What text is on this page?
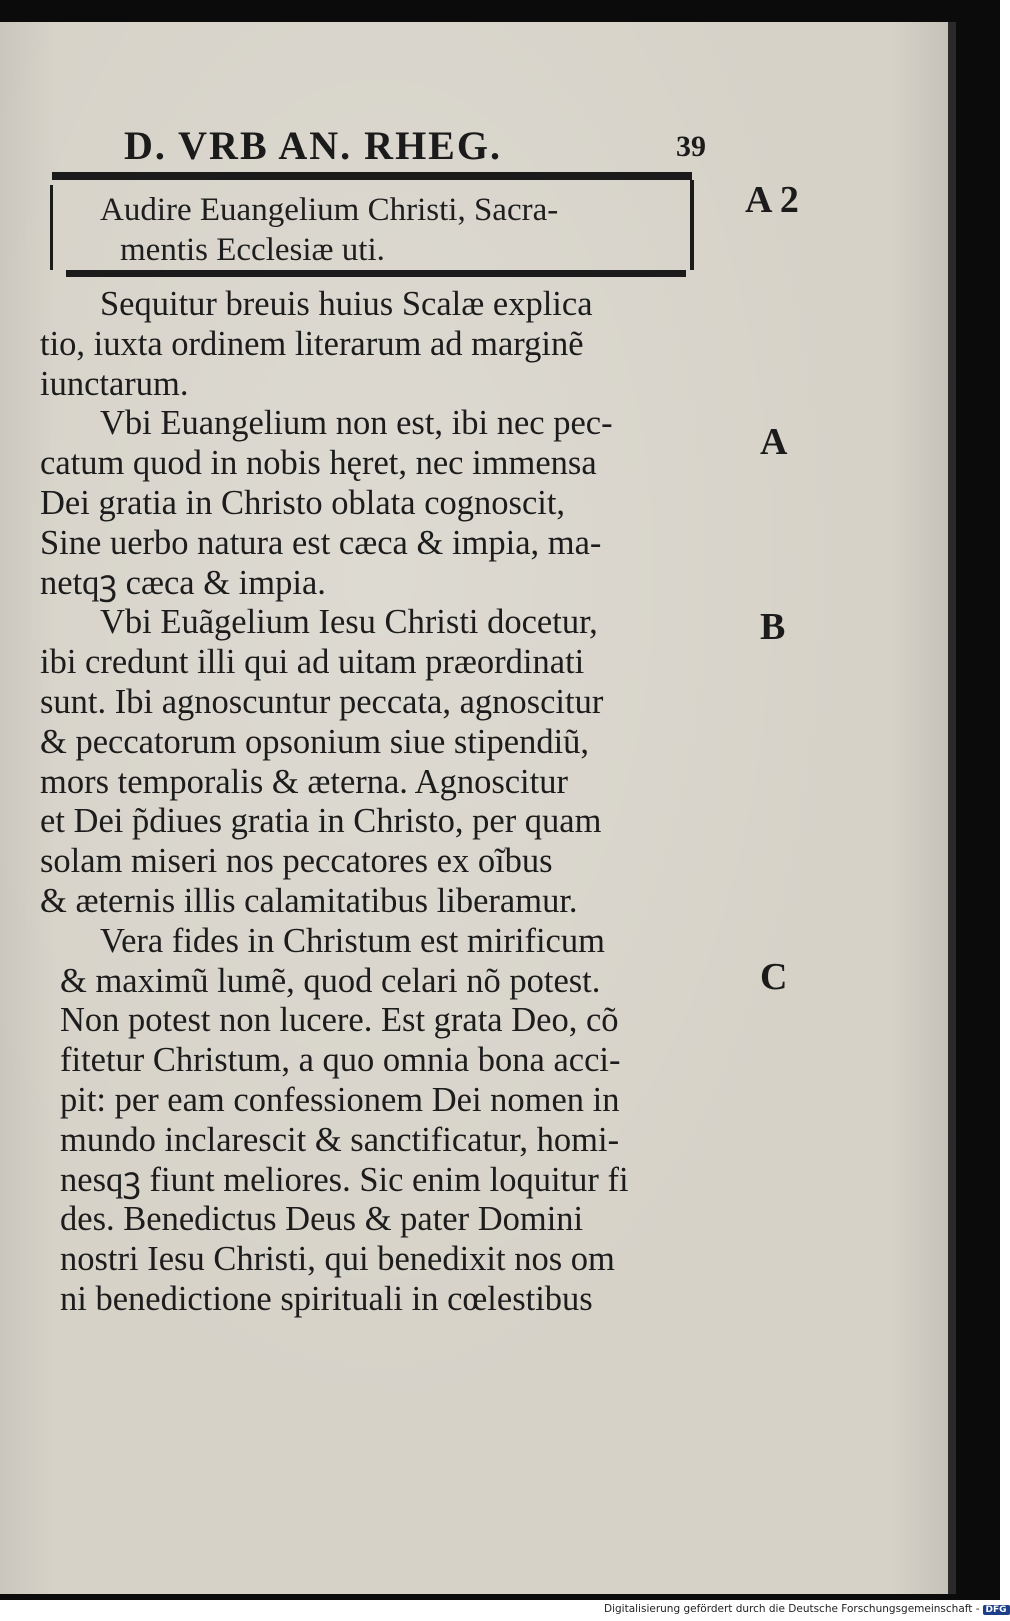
D. VRB AN. RHEG.	39
Audire Euangelium Christi, Sacra-
mentis Ecclesiæ uti.
Sequitur breuis huius Scalæ explica
tio, iuxta ordinem literarum ad marginẽ
iunctarum.
Vbi Euangelium non est, ibi nec pec-
catum quod in nobis hęret, nec immensa
Dei gratia in Christo oblata cognoscit,
Sine uerbo natura est cæca & impia, ma-
netqꝫ cæca & impia.
Vbi Euãgelium Iesu Christi docetur,
ibi credunt illi qui ad uitam præordinati
sunt. Ibi agnoscuntur peccata, agnoscitur
& peccatorum opsonium siue stipendiũ,
mors temporalis & æterna. Agnoscitur
et Dei p̃diues gratia in Christo, per quam
solam miseri nos peccatores ex oĩbus
& æternis illis calamitatibus liberamur.
Vera fides in Christum est mirificum
& maximũ lumẽ, quod celari nõ potest.
Non potest non lucere. Est grata Deo, cõ
fitetur Christum, a quo omnia bona acci-
pit: per eam confessionem Dei nomen in
mundo inclarescit & sanctificatur, homi-
nesqꝫ fiunt meliores. Sic enim loquitur fi
des. Benedictus Deus & pater Domini
nostri Iesu Christi, qui benedixit nos om
ni benedictione spirituali in cœlestibus
A 2
A
B
C
Digitalisierung gefördert durch die Deutsche Forschungsgemeinschaft - DFG
